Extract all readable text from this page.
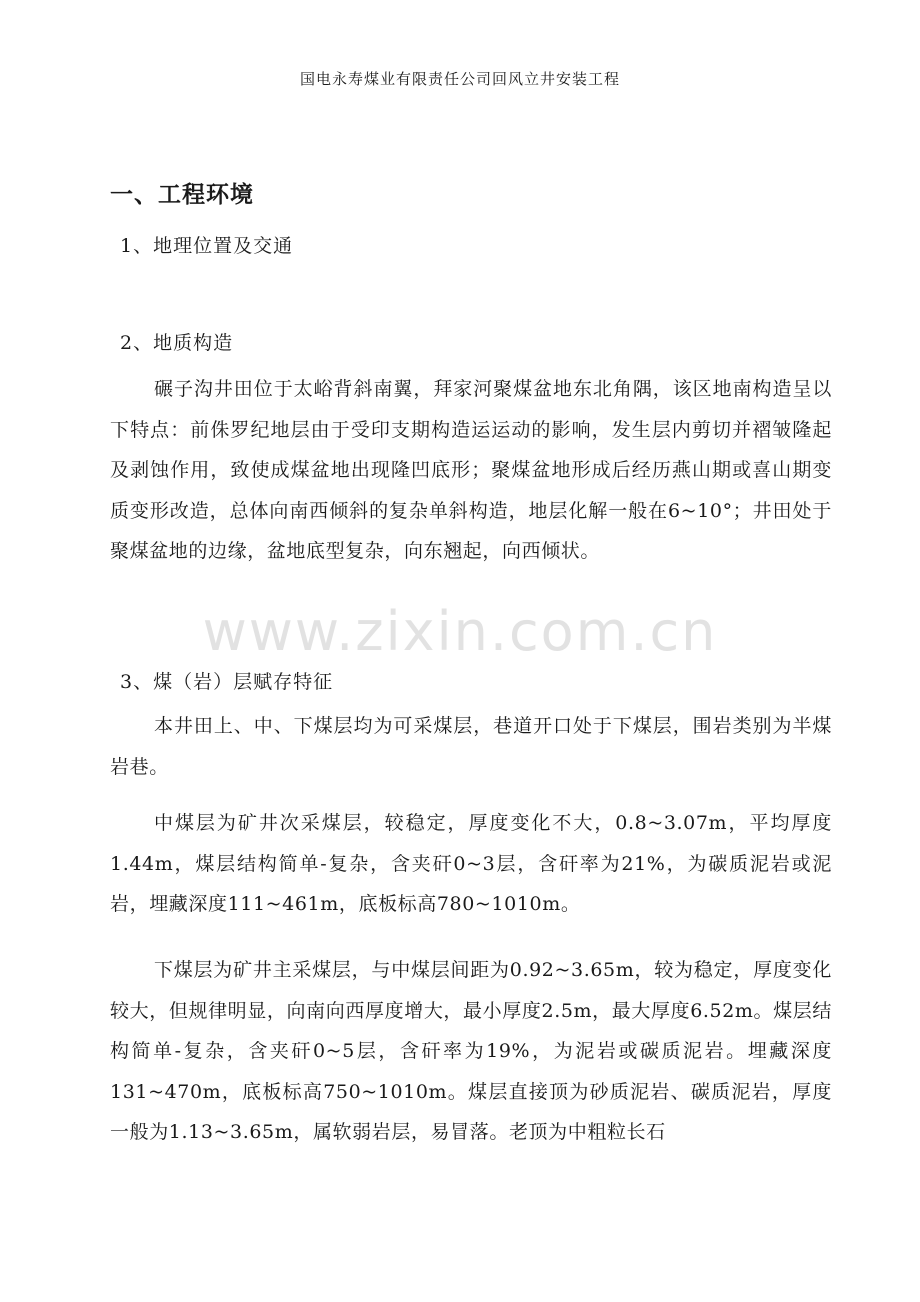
www.zixin.com.cn
国电永寿煤业有限责任公司回风立井安装工程
一、工程环境
1、地理位置及交通
2、地质构造

碾子沟井田位于太峪背斜南翼，拜家河聚煤盆地东北角隅，该区地南构造呈以下特点：前侏罗纪地层由于受印支期构造运运动的影响，发生层内剪切并褶皱隆起及剥蚀作用，致使成煤盆地出现隆凹底形；聚煤盆地形成后经历燕山期或喜山期变质变形改造，总体向南西倾斜的复杂单斜构造，地层化解一般在6~10°；井田处于聚煤盆地的边缘，盆地底型复杂，向东翘起，向西倾状。

3、煤（岩）层赋存特征

本井田上、中、下煤层均为可采煤层，巷道开口处于下煤层，围岩类别为半煤岩巷。

中煤层为矿井次采煤层，较稳定，厚度变化不大，0.8~3.07m，平均厚度1.44m，煤层结构简单-复杂，含夹矸0~3层，含矸率为21%，为碳质泥岩或泥岩，埋藏深度111~461m，底板标高780~1010m。

下煤层为矿井主采煤层，与中煤层间距为0.92~3.65m，较为稳定，厚度变化较大，但规律明显，向南向西厚度增大，最小厚度2.5m，最大厚度6.52m。煤层结构简单-复杂，含夹矸0~5层，含矸率为19%，为泥岩或碳质泥岩。埋藏深度131~470m，底板标高750~1010m。煤层直接顶为砂质泥岩、碳质泥岩，厚度一般为1.13~3.65m，属软弱岩层，易冒落。老顶为中粗粒长石
